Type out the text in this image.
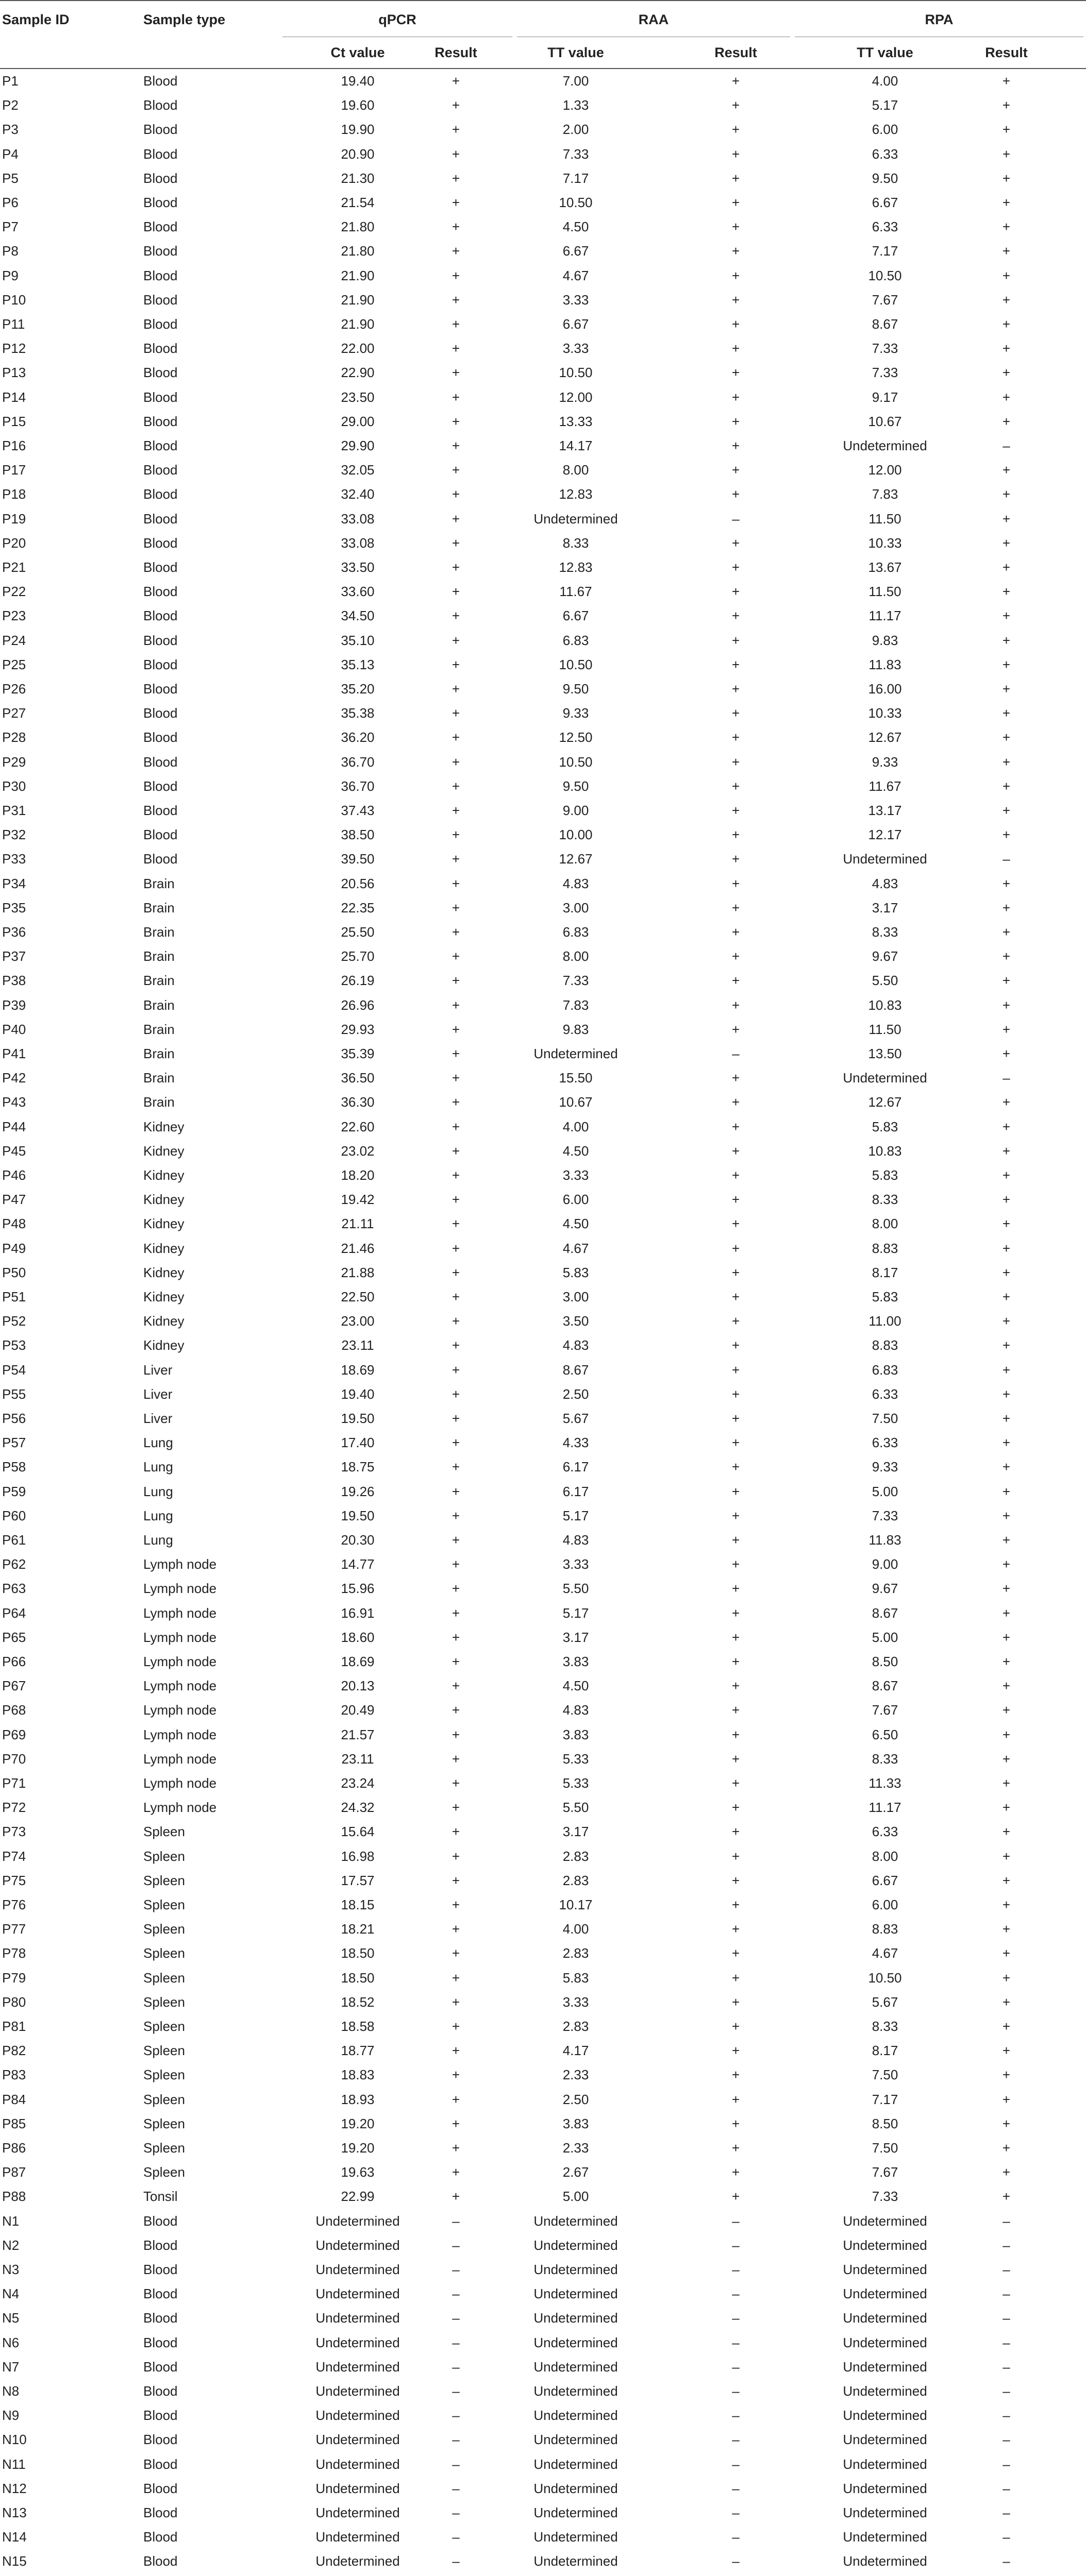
Sample ID	Sample type	qPCR	RAA	RPA
Ct value	Result	TT value	Result	TT value	Result
P1	Blood	19.40	+	7.00	+	4.00	+
P2	Blood	19.60	+	1.33	+	5.17	+
P3	Blood	19.90	+	2.00	+	6.00	+
P4	Blood	20.90	+	7.33	+	6.33	+
P5	Blood	21.30	+	7.17	+	9.50	+
P6	Blood	21.54	+	10.50	+	6.67	+
P7	Blood	21.80	+	4.50	+	6.33	+
P8	Blood	21.80	+	6.67	+	7.17	+
P9	Blood	21.90	+	4.67	+	10.50	+
P10	Blood	21.90	+	3.33	+	7.67	+
P11	Blood	21.90	+	6.67	+	8.67	+
P12	Blood	22.00	+	3.33	+	7.33	+
P13	Blood	22.90	+	10.50	+	7.33	+
P14	Blood	23.50	+	12.00	+	9.17	+
P15	Blood	29.00	+	13.33	+	10.67	+
P16	Blood	29.90	+	14.17	+	Undetermined	–
P17	Blood	32.05	+	8.00	+	12.00	+
P18	Blood	32.40	+	12.83	+	7.83	+
P19	Blood	33.08	+	Undetermined	–	11.50	+
P20	Blood	33.08	+	8.33	+	10.33	+
P21	Blood	33.50	+	12.83	+	13.67	+
P22	Blood	33.60	+	11.67	+	11.50	+
P23	Blood	34.50	+	6.67	+	11.17	+
P24	Blood	35.10	+	6.83	+	9.83	+
P25	Blood	35.13	+	10.50	+	11.83	+
P26	Blood	35.20	+	9.50	+	16.00	+
P27	Blood	35.38	+	9.33	+	10.33	+
P28	Blood	36.20	+	12.50	+	12.67	+
P29	Blood	36.70	+	10.50	+	9.33	+
P30	Blood	36.70	+	9.50	+	11.67	+
P31	Blood	37.43	+	9.00	+	13.17	+
P32	Blood	38.50	+	10.00	+	12.17	+
P33	Blood	39.50	+	12.67	+	Undetermined	–
P34	Brain	20.56	+	4.83	+	4.83	+
P35	Brain	22.35	+	3.00	+	3.17	+
P36	Brain	25.50	+	6.83	+	8.33	+
P37	Brain	25.70	+	8.00	+	9.67	+
P38	Brain	26.19	+	7.33	+	5.50	+
P39	Brain	26.96	+	7.83	+	10.83	+
P40	Brain	29.93	+	9.83	+	11.50	+
P41	Brain	35.39	+	Undetermined	–	13.50	+
P42	Brain	36.50	+	15.50	+	Undetermined	–
P43	Brain	36.30	+	10.67	+	12.67	+
P44	Kidney	22.60	+	4.00	+	5.83	+
P45	Kidney	23.02	+	4.50	+	10.83	+
P46	Kidney	18.20	+	3.33	+	5.83	+
P47	Kidney	19.42	+	6.00	+	8.33	+
P48	Kidney	21.11	+	4.50	+	8.00	+
P49	Kidney	21.46	+	4.67	+	8.83	+
P50	Kidney	21.88	+	5.83	+	8.17	+
P51	Kidney	22.50	+	3.00	+	5.83	+
P52	Kidney	23.00	+	3.50	+	11.00	+
P53	Kidney	23.11	+	4.83	+	8.83	+
P54	Liver	18.69	+	8.67	+	6.83	+
P55	Liver	19.40	+	2.50	+	6.33	+
P56	Liver	19.50	+	5.67	+	7.50	+
P57	Lung	17.40	+	4.33	+	6.33	+
P58	Lung	18.75	+	6.17	+	9.33	+
P59	Lung	19.26	+	6.17	+	5.00	+
P60	Lung	19.50	+	5.17	+	7.33	+
P61	Lung	20.30	+	4.83	+	11.83	+
P62	Lymph node	14.77	+	3.33	+	9.00	+
P63	Lymph node	15.96	+	5.50	+	9.67	+
P64	Lymph node	16.91	+	5.17	+	8.67	+
P65	Lymph node	18.60	+	3.17	+	5.00	+
P66	Lymph node	18.69	+	3.83	+	8.50	+
P67	Lymph node	20.13	+	4.50	+	8.67	+
P68	Lymph node	20.49	+	4.83	+	7.67	+
P69	Lymph node	21.57	+	3.83	+	6.50	+
P70	Lymph node	23.11	+	5.33	+	8.33	+
P71	Lymph node	23.24	+	5.33	+	11.33	+
P72	Lymph node	24.32	+	5.50	+	11.17	+
P73	Spleen	15.64	+	3.17	+	6.33	+
P74	Spleen	16.98	+	2.83	+	8.00	+
P75	Spleen	17.57	+	2.83	+	6.67	+
P76	Spleen	18.15	+	10.17	+	6.00	+
P77	Spleen	18.21	+	4.00	+	8.83	+
P78	Spleen	18.50	+	2.83	+	4.67	+
P79	Spleen	18.50	+	5.83	+	10.50	+
P80	Spleen	18.52	+	3.33	+	5.67	+
P81	Spleen	18.58	+	2.83	+	8.33	+
P82	Spleen	18.77	+	4.17	+	8.17	+
P83	Spleen	18.83	+	2.33	+	7.50	+
P84	Spleen	18.93	+	2.50	+	7.17	+
P85	Spleen	19.20	+	3.83	+	8.50	+
P86	Spleen	19.20	+	2.33	+	7.50	+
P87	Spleen	19.63	+	2.67	+	7.67	+
P88	Tonsil	22.99	+	5.00	+	7.33	+
N1	Blood	Undetermined	–	Undetermined	–	Undetermined	–
N2	Blood	Undetermined	–	Undetermined	–	Undetermined	–
N3	Blood	Undetermined	–	Undetermined	–	Undetermined	–
N4	Blood	Undetermined	–	Undetermined	–	Undetermined	–
N5	Blood	Undetermined	–	Undetermined	–	Undetermined	–
N6	Blood	Undetermined	–	Undetermined	–	Undetermined	–
N7	Blood	Undetermined	–	Undetermined	–	Undetermined	–
N8	Blood	Undetermined	–	Undetermined	–	Undetermined	–
N9	Blood	Undetermined	–	Undetermined	–	Undetermined	–
N10	Blood	Undetermined	–	Undetermined	–	Undetermined	–
N11	Blood	Undetermined	–	Undetermined	–	Undetermined	–
N12	Blood	Undetermined	–	Undetermined	–	Undetermined	–
N13	Blood	Undetermined	–	Undetermined	–	Undetermined	–
N14	Blood	Undetermined	–	Undetermined	–	Undetermined	–
N15	Blood	Undetermined	–	Undetermined	–	Undetermined	–
